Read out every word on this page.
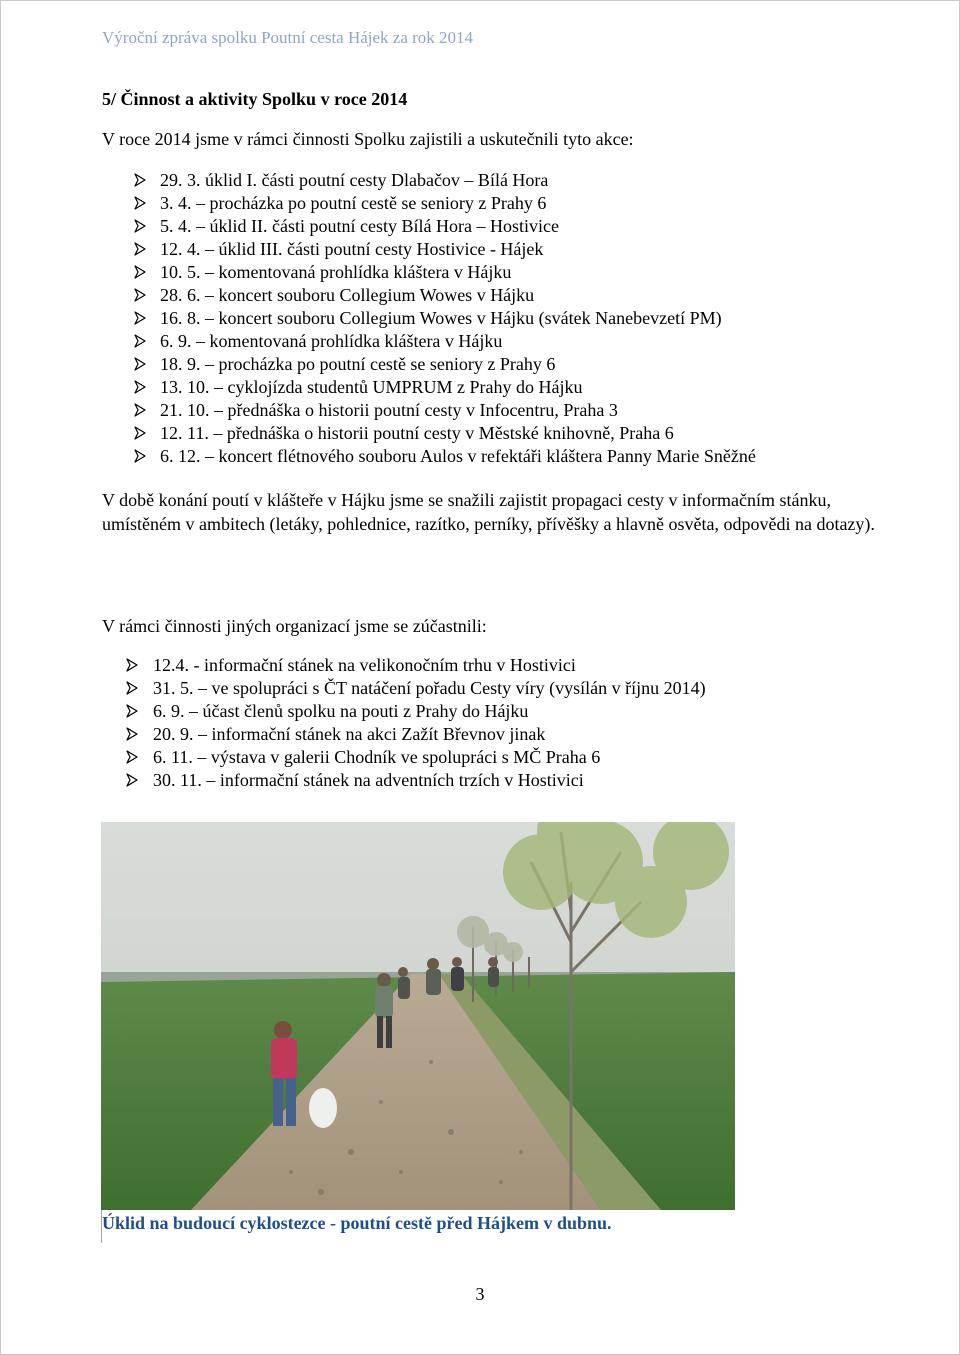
Výroční zpráva spolku Poutní cesta Hájek za rok 2014
5/ Činnost a aktivity Spolku v roce 2014
V roce 2014 jsme v rámci činnosti Spolku zajistili a uskutečnili tyto akce:
29. 3. úklid I. části poutní cesty Dlabačov – Bílá Hora
3. 4. – procházka po poutní cestě se seniory z Prahy 6
5. 4. – úklid II. části poutní cesty Bílá Hora – Hostivice
12. 4. – úklid III. části poutní cesty Hostivice - Hájek
10. 5. – komentovaná prohlídka kláštera v Hájku
28. 6. – koncert souboru Collegium Wowes v Hájku
16. 8. – koncert souboru Collegium Wowes v Hájku (svátek Nanebevzetí PM)
6. 9. – komentovaná prohlídka kláštera v Hájku
18. 9. – procházka po poutní cestě se seniory z Prahy 6
13. 10. – cyklojízda studentů UMPRUM z Prahy do Hájku
21. 10. – přednáška o historii poutní cesty v Infocentru, Praha 3
12. 11. – přednáška o historii poutní cesty v Městské knihovně, Praha 6
6. 12. – koncert flétnového souboru Aulos v refektáři kláštera Panny Marie Sněžné
V době konání poutí v klášteře v Hájku jsme se snažili zajistit propagaci cesty v informačním stánku, umístěném v ambitech (letáky, pohlednice, razítko, perníky, přívěšky a hlavně osvěta, odpovědi na dotazy).
V rámci činnosti jiných organizací jsme se zúčastnili:
12.4. - informační stánek na velikonočním trhu v Hostivici
31. 5. – ve spolupráci s ČT natáčení pořadu Cesty víry (vysílán v říjnu 2014)
6. 9. – účast členů spolku na pouti z Prahy do Hájku
20. 9. – informační stánek na akci Zažít Břevnov jinak
6. 11. – výstava v galerii Chodník ve spolupráci s MČ Praha 6
30. 11. – informační stánek na adventních trzích v Hostivici
Úklid na budoucí cyklostezce - poutní cestě před Hájkem v dubnu.
3
